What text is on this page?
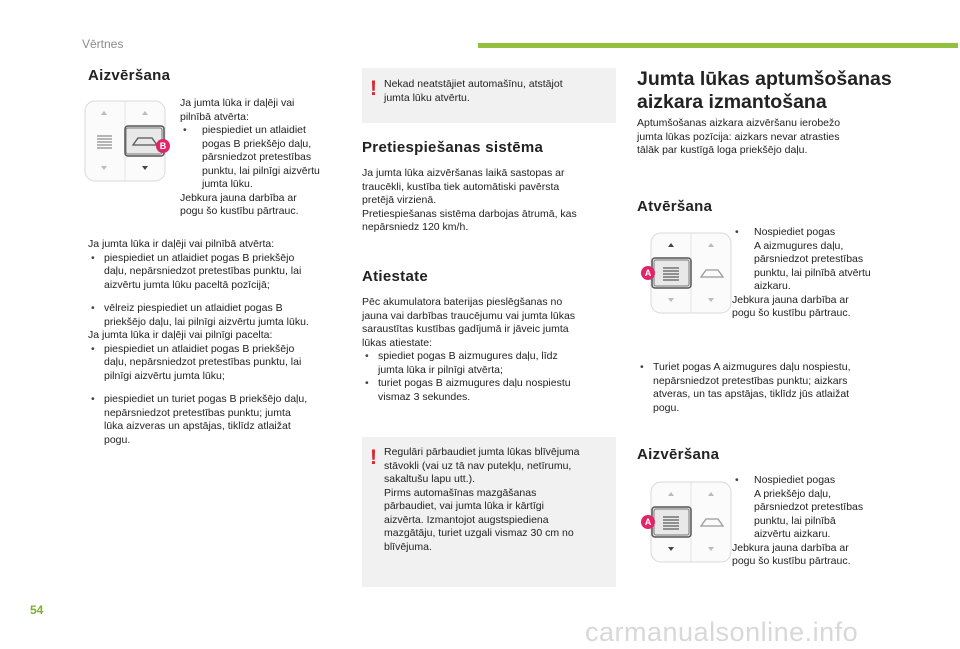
Vērtnes
Aizvēršana
B

Ja jumta lūka ir daļēji vai

pilnībā atvērta:

• piespiediet un atlaidiet

pogas B priekšējo daļu,

pārsniedzot pretestības

punktu, lai pilnīgi aizvērtu

jumta lūku.

Jebkura jauna darbība ar

pogu šo kustību pārtrauc.

Ja jumta lūka ir daļēji vai pilnībā atvērta:

• piespiediet un atlaidiet pogas B priekšējo

daļu, nepārsniedzot pretestības punktu, lai

aizvērtu jumta lūku paceltā pozīcijā;

• vēlreiz piespiediet un atlaidiet pogas B

priekšējo daļu, lai pilnīgi aizvērtu jumta lūku.

Ja jumta lūka ir daļēji vai pilnīgi pacelta:

• piespiediet un atlaidiet pogas B priekšējo

daļu, nepārsniedzot pretestības punktu, lai

pilnīgi aizvērtu jumta lūku;

• piespiediet un turiet pogas B priekšējo daļu,

nepārsniedzot pretestības punktu; jumta

lūka aizveras un apstājas, tiklīdz atlaižat

pogu.

! Nekad neatstājiet automašīnu, atstājot

jumta lūku atvērtu.

Pretiespiešanas sistēma

Ja jumta lūka aizvēršanas laikā sastopas ar

traucēkli, kustība tiek automātiski pavērsta

pretējā virzienā.

Pretiespiešanas sistēma darbojas ātrumā, kas

nepārsniedz 120 km/h.

Atiestate

Pēc akumulatora baterijas pieslēgšanas no

jauna vai darbības traucējumu vai jumta lūkas

saraustītas kustības gadījumā ir jāveic jumta

lūkas atiestate:

• spiediet pogas B aizmugures daļu, līdz

jumta lūka ir pilnīgi atvērta;

• turiet pogas B aizmugures daļu nospiestu

vismaz 3 sekundes.

! Regulāri pārbaudiet jumta lūkas blīvējuma

stāvokli (vai uz tā nav putekļu, netīrumu,

sakaltušu lapu utt.).

Pirms automašīnas mazgāšanas

pārbaudiet, vai jumta lūka ir kārtīgi

aizvērta. Izmantojot augstspiediena

mazgātāju, turiet uzgali vismaz 30 cm no

blīvējuma.

Jumta lūkas aptumšošanas
aizkara izmantošana

Aptumšošanas aizkara aizvēršanu ierobežo

jumta lūkas pozīcija: aizkars nevar atrasties

tālāk par kustīgā loga priekšējo daļu.

Atvēršana
A

• Nospiediet pogas

A aizmugures daļu,

pārsniedzot pretestības

punktu, lai pilnībā atvērtu

aizkaru.

Jebkura jauna darbība ar

pogu šo kustību pārtrauc.

• Turiet pogas A aizmugures daļu nospiestu,

nepārsniedzot pretestības punktu; aizkars

atveras, un tas apstājas, tiklīdz jūs atlaižat

pogu.

Aizvēršana
A

• Nospiediet pogas

A priekšējo daļu,

pārsniedzot pretestības

punktu, lai pilnībā

aizvērtu aizkaru.

Jebkura jauna darbība ar

pogu šo kustību pārtrauc.

54
carmanualsonline.info
